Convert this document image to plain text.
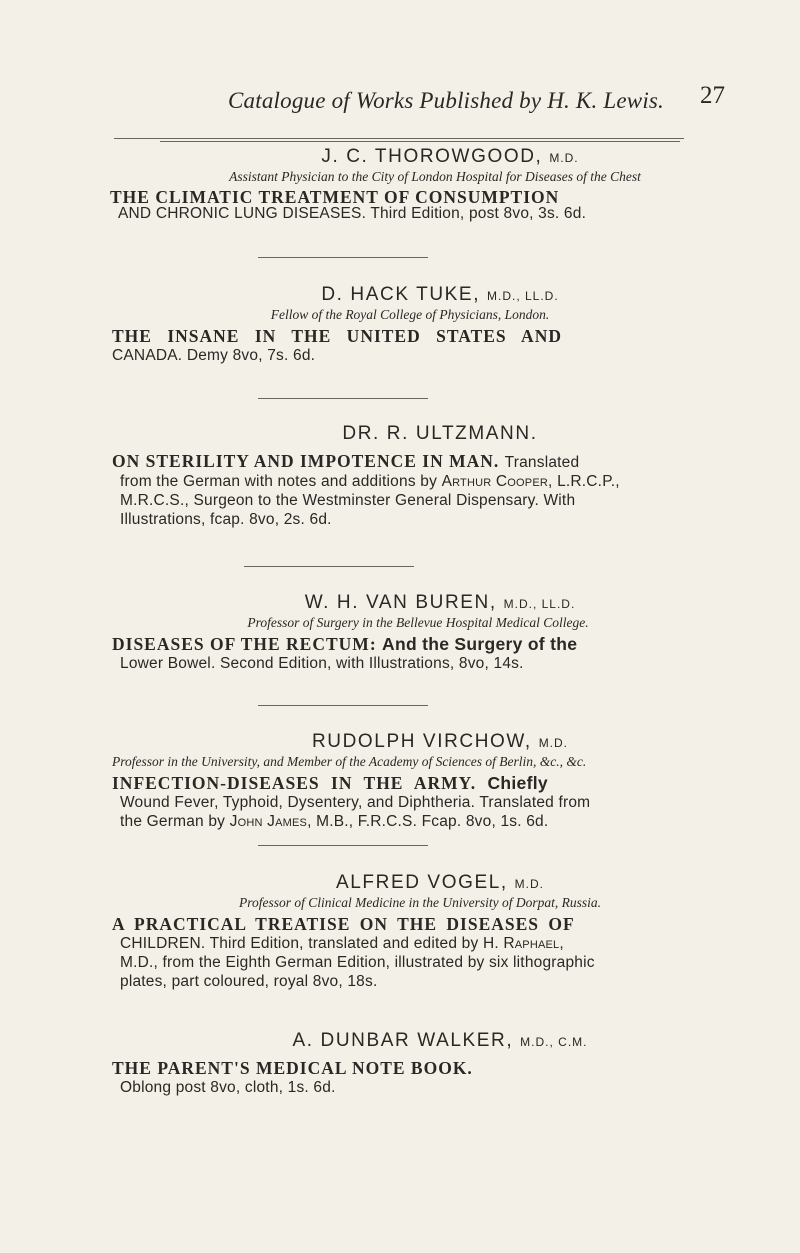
Catalogue of Works Published by H. K. Lewis. 27
J. C. THOROWGOOD, M.D.
Assistant Physician to the City of London Hospital for Diseases of the Chest
THE CLIMATIC TREATMENT OF CONSUMPTION
AND CHRONIC LUNG DISEASES. Third Edition, post 8vo, 3s. 6d.
D. HACK TUKE, M.D., LL.D.
Fellow of the Royal College of Physicians, London.
THE INSANE IN THE UNITED STATES AND
CANADA. Demy 8vo, 7s. 6d.
DR. R. ULTZMANN.
ON STERILITY AND IMPOTENCE IN MAN. Translated
from the German with notes and additions by Arthur Cooper, L.R.C.P.,
M.R.C.S., Surgeon to the Westminster General Dispensary. With
Illustrations, fcap. 8vo, 2s. 6d.
W. H. VAN BUREN, M.D., LL.D.
Professor of Surgery in the Bellevue Hospital Medical College.
DISEASES OF THE RECTUM: And the Surgery of the
Lower Bowel. Second Edition, with Illustrations, 8vo, 14s.
RUDOLPH VIRCHOW, M.D.
Professor in the University, and Member of the Academy of Sciences of Berlin, &c., &c.
INFECTION-DISEASES IN THE ARMY. Chiefly
Wound Fever, Typhoid, Dysentery, and Diphtheria. Translated from
the German by John James, M.B., F.R.C.S. Fcap. 8vo, 1s. 6d.
ALFRED VOGEL, M.D.
Professor of Clinical Medicine in the University of Dorpat, Russia.
A PRACTICAL TREATISE ON THE DISEASES OF
CHILDREN. Third Edition, translated and edited by H. Raphael,
M.D., from the Eighth German Edition, illustrated by six lithographic
plates, part coloured, royal 8vo, 18s.
A. DUNBAR WALKER, M.D., C.M.
THE PARENT'S MEDICAL NOTE BOOK.
Oblong post 8vo, cloth, 1s. 6d.
